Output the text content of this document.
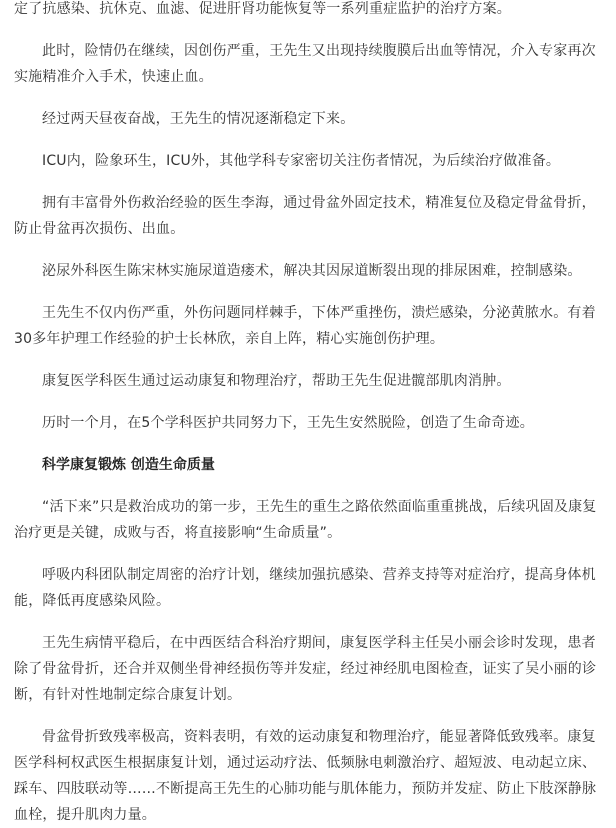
定了抗感染、抗休克、血滤、促进肝肾功能恢复等一系列重症监护的治疗方案。

此时，险情仍在继续，因创伤严重，王先生又出现持续腹膜后出血等情况，介入专家再次实施精准介入手术，快速止血。

经过两天昼夜奋战，王先生的情况逐渐稳定下来。

ICU内，险象环生，ICU外，其他学科专家密切关注伤者情况，为后续治疗做准备。

拥有丰富骨外伤救治经验的医生李海，通过骨盆外固定技术，精准复位及稳定骨盆骨折，防止骨盆再次损伤、出血。

泌尿外科医生陈宋林实施尿道造瘘术，解决其因尿道断裂出现的排尿困难，控制感染。

王先生不仅内伤严重，外伤问题同样棘手，下体严重挫伤，溃烂感染，分泌黄脓水。有着30多年护理工作经验的护士长林欣，亲自上阵，精心实施创伤护理。

康复医学科医生通过运动康复和物理治疗，帮助王先生促进髋部肌肉消肿。

历时一个月，在5个学科医护共同努力下，王先生安然脱险，创造了生命奇迹。

科学康复锻炼 创造生命质量

“活下来”只是救治成功的第一步，王先生的重生之路依然面临重重挑战，后续巩固及康复治疗更是关键，成败与否，将直接影响“生命质量”。

呼吸内科团队制定周密的治疗计划，继续加强抗感染、营养支持等对症治疗，提高身体机能，降低再度感染风险。

王先生病情平稳后，在中西医结合科治疗期间，康复医学科主任吴小丽会诊时发现，患者除了骨盆骨折，还合并双侧坐骨神经损伤等并发症，经过神经肌电图检查，证实了吴小丽的诊断，有针对性地制定综合康复计划。

骨盆骨折致残率极高，资料表明，有效的运动康复和物理治疗，能显著降低致残率。康复医学科柯权武医生根据康复计划，通过运动疗法、低频脉电刺激治疗、超短波、电动起立床、踩车、四肢联动等……不断提高王先生的心肺功能与肌体能力，预防并发症、防止下肢深静脉血栓，提升肌肉力量。
